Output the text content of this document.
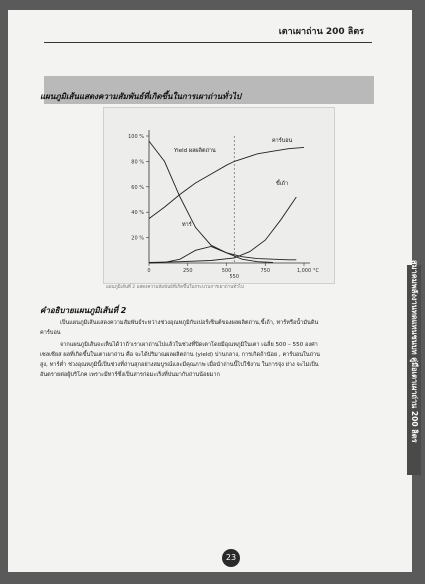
เตาเผาถ่าน 200 ลิตร
แผนภูมิเส้นแสดงความสัมพันธ์ที่เกิดขึ้นในการเผาถ่านทั่วไป
20 %
40 %
60 %
80 %
100 %
0	250	500	750	1,000 °C
550
Yield ผลผลิตถ่าน
คาร์บอน
ขี้เถ้า
ทาร์
แผนภูมิเส้นที่ 2 แสดงความสัมพันธ์ที่เกิดขึ้นในกระบวนการเผาถ่านทั่วไป
คำอธิบายแผนภูมิเส้นที่ 2
เป็นแผนภูมิเส้นแสดงความสัมพันธ์ระหว่างช่วงอุณหภูมิกับเปอร์เซ็นต์ของผลผลิตถ่าน,ขี้เถ้า, ทาร์หรือน้ำมันดิน
คาร์บอน
จากแผนภูมิเส้นจะเห็นได้ว่าถ้าเราเผาถ่านไปแล้วในช่วงที่ปิดเตาโดยมีอุณหภูมิในเตา เฉลี่ย 500 – 550 องศา
เซลเซียส ผลที่เกิดขึ้นในเตาเผาถ่าน คือ จะได้ปริมาณผลผลิตถ่าน (yield) ปานกลาง, การเกิดถ้านัอย , คาร์บอนในถ่าน
สูง, ทาร์ต่ำ ช่วงอุณหภูมินี้เป็นช่วงที่ถ่านสุกอย่างสมบูรณ์และมีคุณภาพ เมื่อนำถ่านนี้ไปใช้งาน ในการจุ่ง ย่าง จะไม่เป็น
อันตรายต่อผู้บริโภค เพราะมีทาร์ซึ่งเป็นสารก่อมะเร็งที่ปนมากับถ่านน้อยมาก
23
สมาคมพลังงานทดแทนชนบท คู่มือเตาเผาถ่าน 200 ลิตร
